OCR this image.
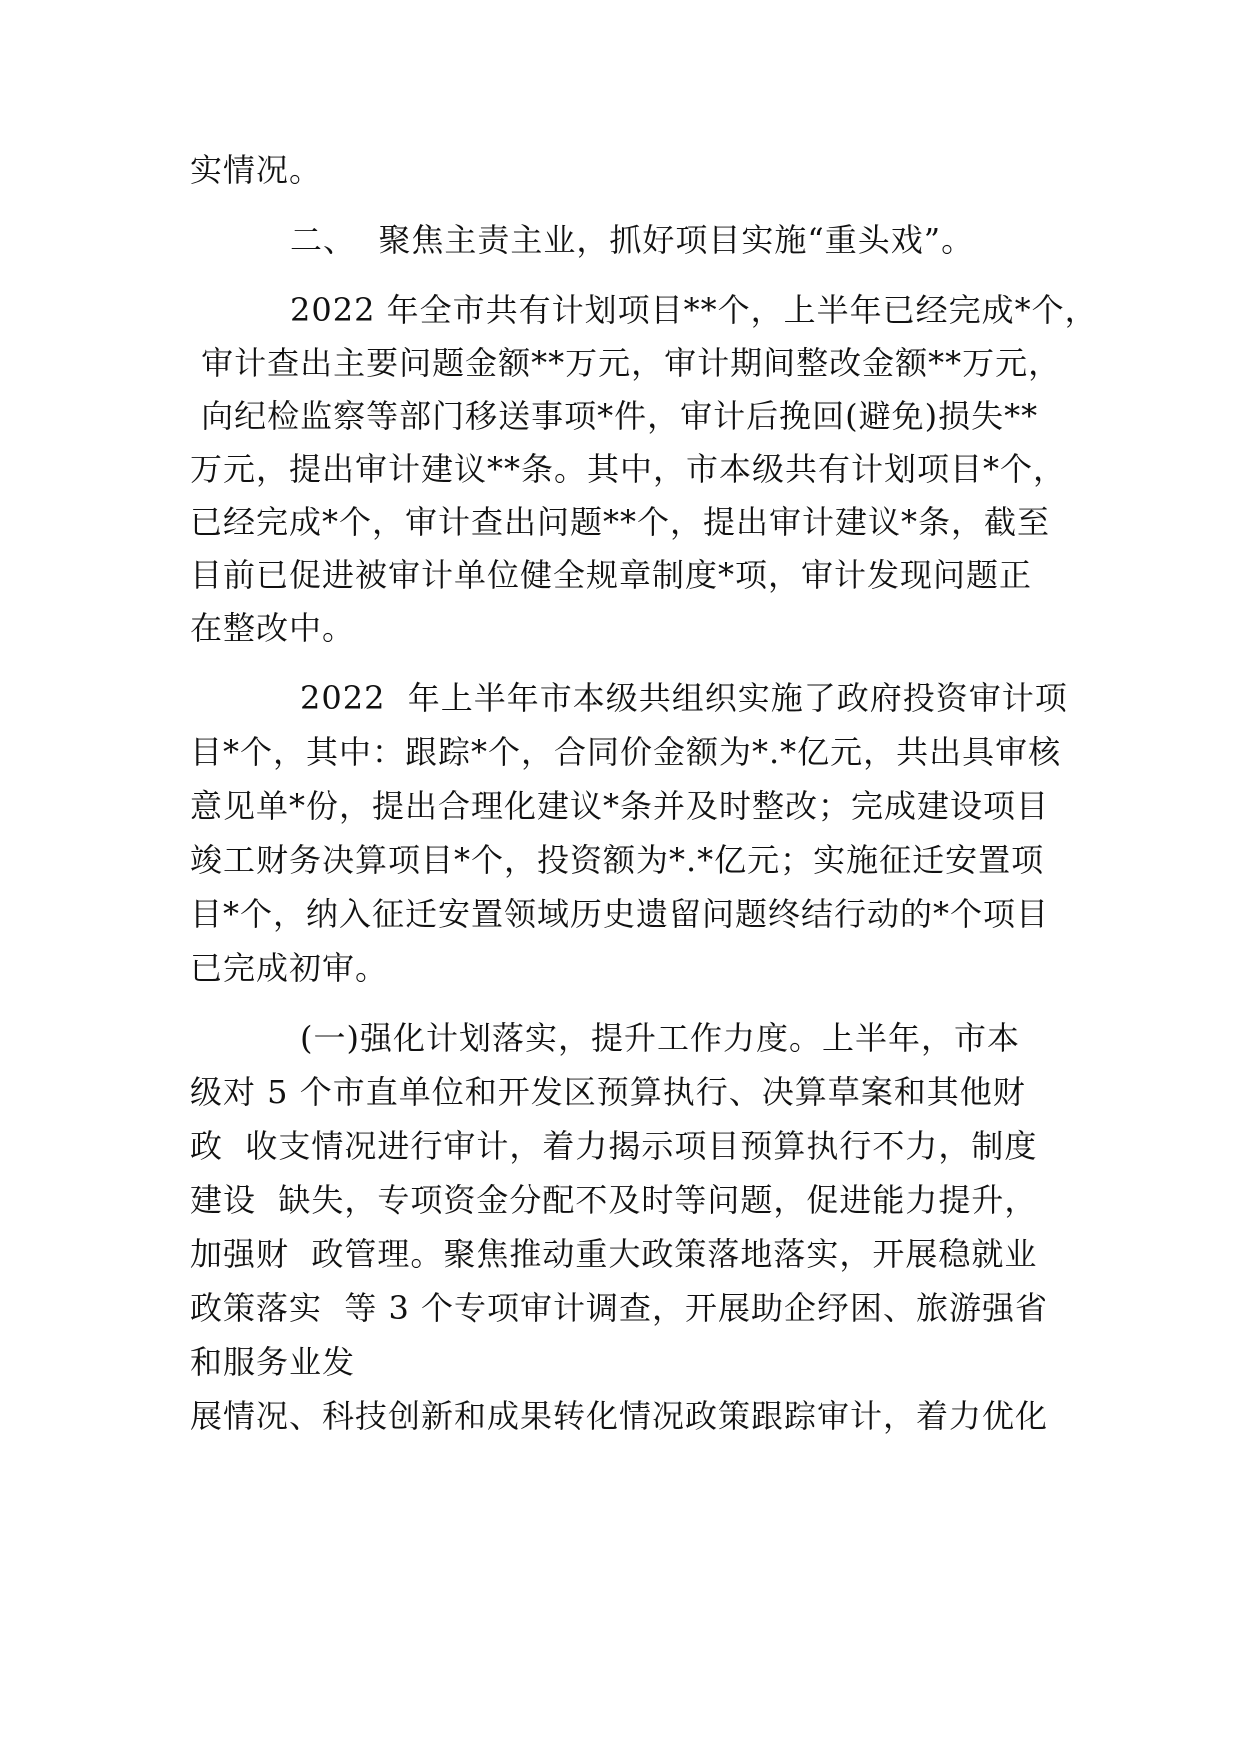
实情况。
二、  聚焦主责主业，抓好项目实施“重头戏”。
2022 年全市共有计划项目**个，上半年已经完成*个，
审计查出主要问题金额**万元，审计期间整改金额**万元，
向纪检监察等部门移送事项*件，审计后挽回(避免)损失**
万元，提出审计建议**条。其中，市本级共有计划项目*个，
已经完成*个，审计查出问题**个，提出审计建议*条，截至
目前已促进被审计单位健全规章制度*项，审计发现问题正
在整改中。
2022  年上半年市本级共组织实施了政府投资审计项
目*个，其中：跟踪*个，合同价金额为*.*亿元，共出具审核
意见单*份，提出合理化建议*条并及时整改；完成建设项目
竣工财务决算项目*个，投资额为*.*亿元；实施征迁安置项
目*个，纳入征迁安置领域历史遗留问题终结行动的*个项目
已完成初审。
(一)强化计划落实，提升工作力度。上半年，市本
级对 5 个市直单位和开发区预算执行、决算草案和其他财
政  收支情况进行审计，着力揭示项目预算执行不力，制度
建设  缺失，专项资金分配不及时等问题，促进能力提升，
加强财  政管理。聚焦推动重大政策落地落实，开展稳就业
政策落实  等 3 个专项审计调查，开展助企纾困、旅游强省
和服务业发
展情况、科技创新和成果转化情况政策跟踪审计，着力优化
